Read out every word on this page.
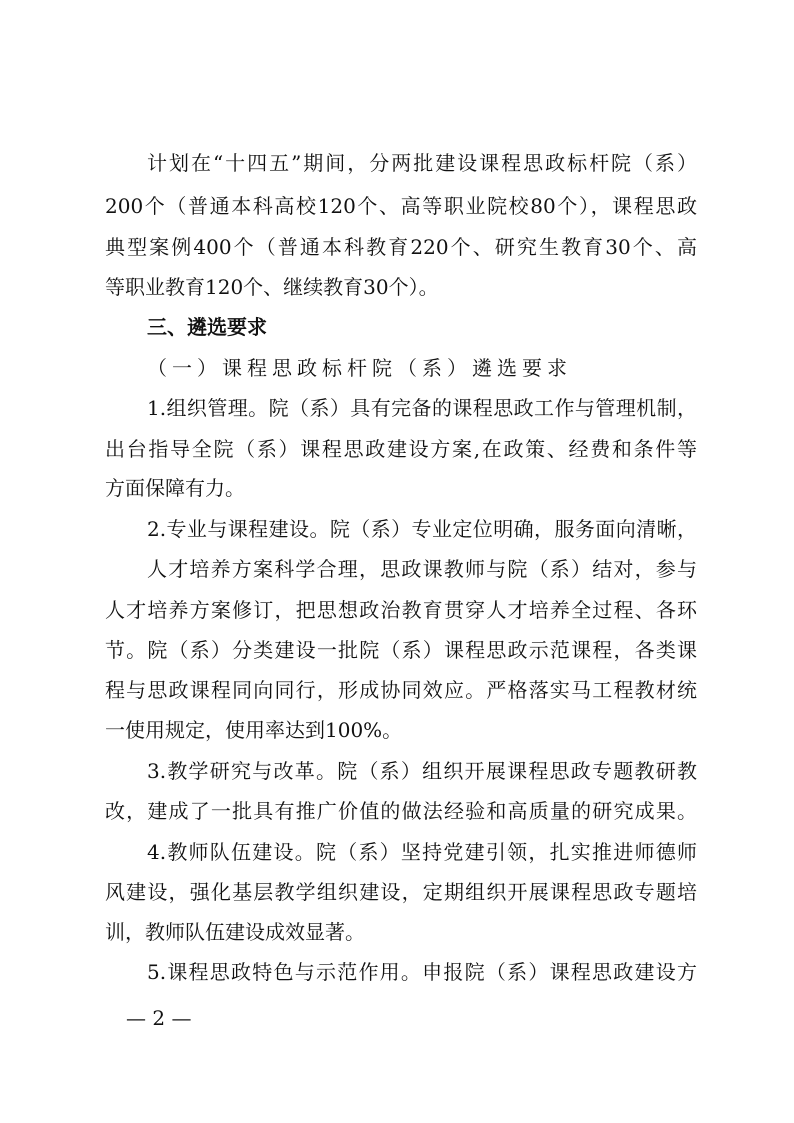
计划在“十四五”期间，分两批建设课程思政标杆院（系）
200个（普通本科高校120个、高等职业院校80个），课程思政
典型案例400个（普通本科教育220个、研究生教育30个、高
等职业教育120个、继续教育30个）。
三、遴选要求
（一）课程思政标杆院（系）遴选要求
1.组织管理。院（系）具有完备的课程思政工作与管理机制，
出台指导全院（系）课程思政建设方案,在政策、经费和条件等
方面保障有力。
2.专业与课程建设。院（系）专业定位明确，服务面向清晰，
人才培养方案科学合理，思政课教师与院（系）结对，参与
人才培养方案修订，把思想政治教育贯穿人才培养全过程、各环
节。院（系）分类建设一批院（系）课程思政示范课程，各类课
程与思政课程同向同行，形成协同效应。严格落实马工程教材统
一使用规定，使用率达到100%。
3.教学研究与改革。院（系）组织开展课程思政专题教研教
改，建成了一批具有推广价值的做法经验和高质量的研究成果。
4.教师队伍建设。院（系）坚持党建引领，扎实推进师德师
风建设，强化基层教学组织建设，定期组织开展课程思政专题培
训，教师队伍建设成效显著。
5.课程思政特色与示范作用。申报院（系）课程思政建设方
— 2 —
